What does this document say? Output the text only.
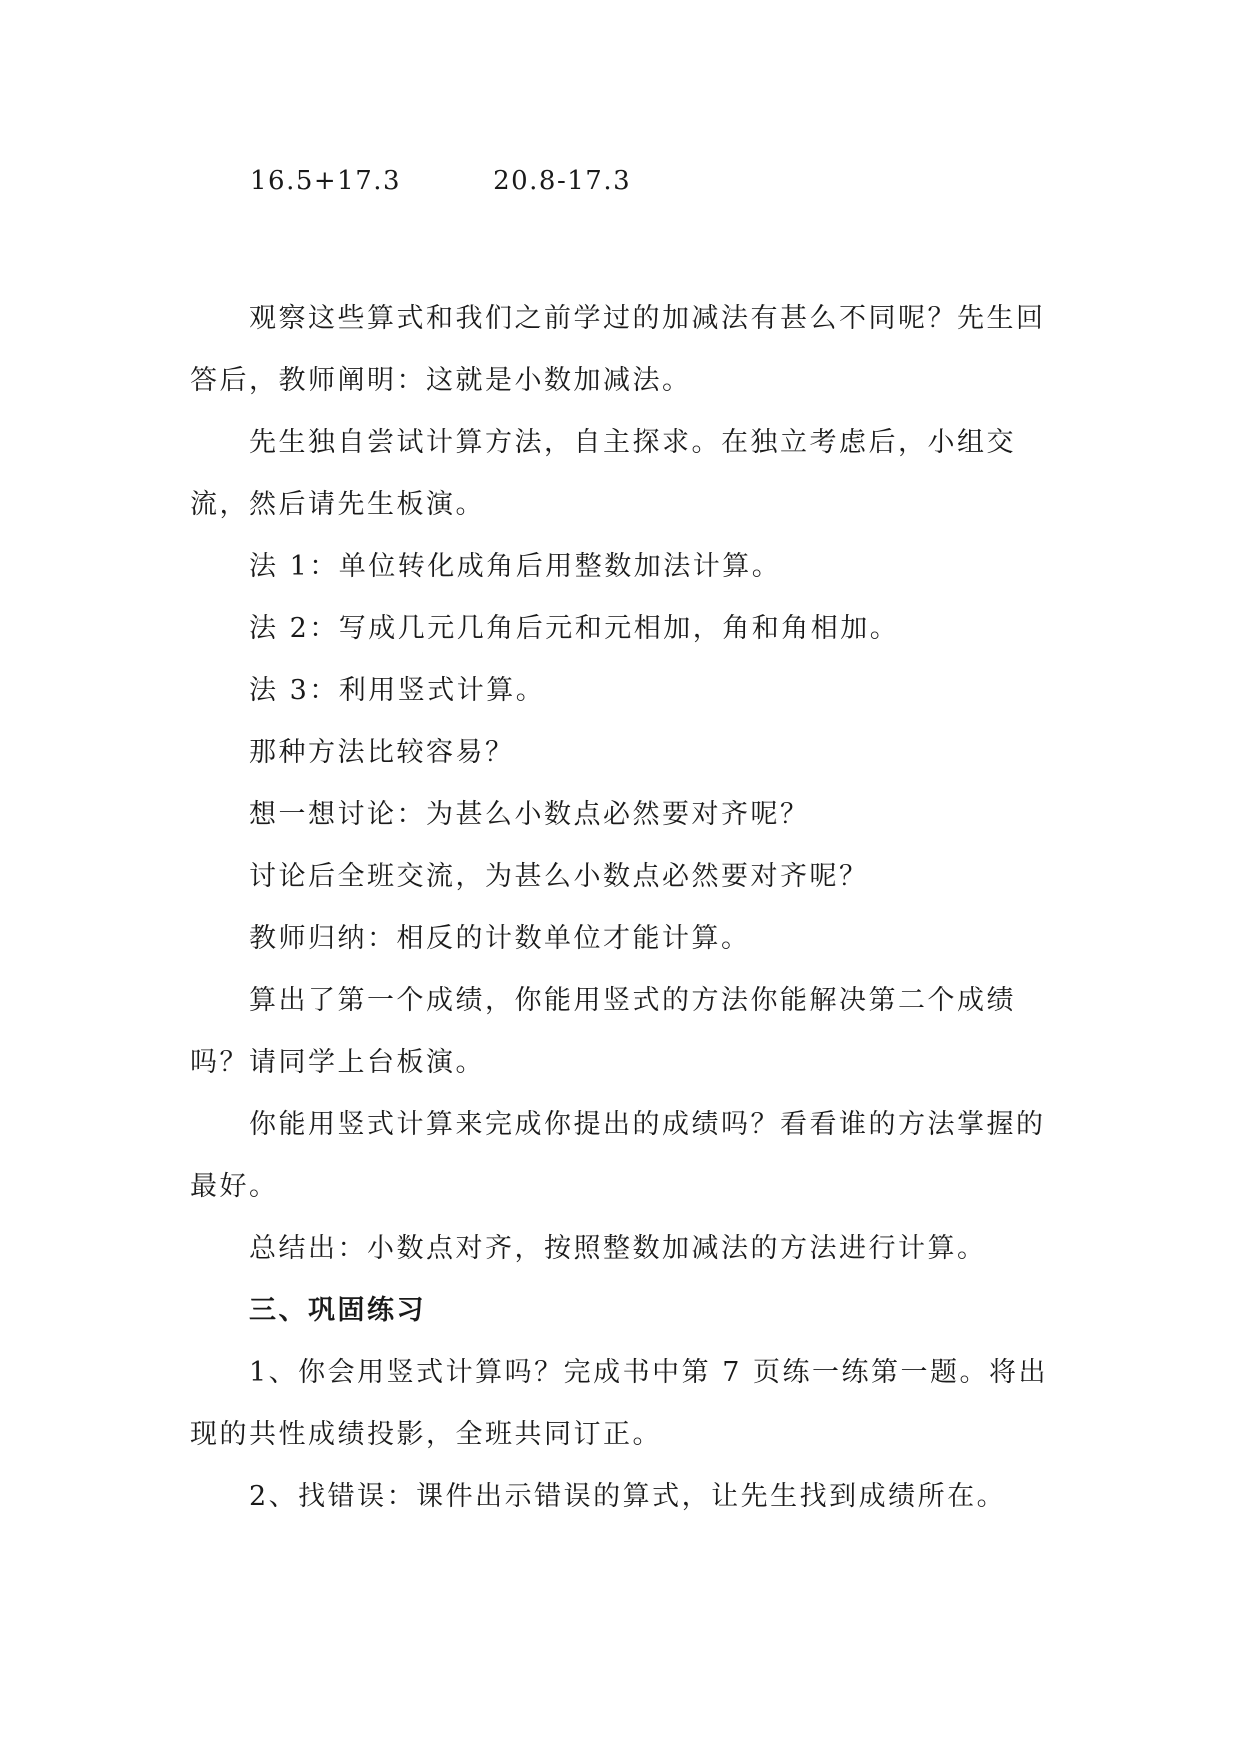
16.5+17.3	20.8-17.3

观察这些算式和我们之前学过的加减法有甚么不同呢？先生回答后，教师阐明：这就是小数加减法。

先生独自尝试计算方法，自主探求。在独立考虑后，小组交流，然后请先生板演。

法 1：单位转化成角后用整数加法计算。

法 2：写成几元几角后元和元相加，角和角相加。

法 3：利用竖式计算。

那种方法比较容易？

想一想讨论：为甚么小数点必然要对齐呢？

讨论后全班交流，为甚么小数点必然要对齐呢？

教师归纳：相反的计数单位才能计算。

算出了第一个成绩，你能用竖式的方法你能解决第二个成绩吗？请同学上台板演。

你能用竖式计算来完成你提出的成绩吗？看看谁的方法掌握的最好。

总结出：小数点对齐，按照整数加减法的方法进行计算。

三、巩固练习

1、你会用竖式计算吗？完成书中第 7 页练一练第一题。将出现的共性成绩投影，全班共同订正。

2、找错误：课件出示错误的算式，让先生找到成绩所在。
